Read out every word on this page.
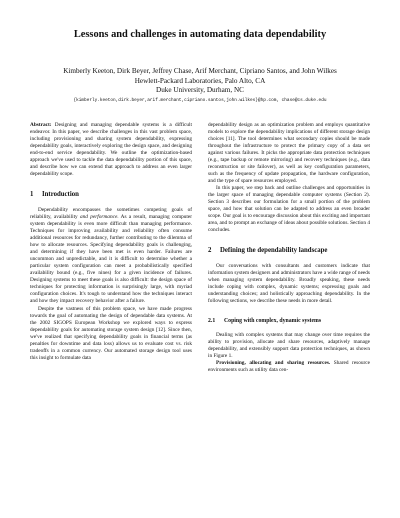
Lessons and challenges in automating data dependability
Kimberly Keeton, Dirk Beyer, Jeffrey Chase, Arif Merchant, Cipriano Santos, and John Wilkes
Hewlett-Packard Laboratories, Palo Alto, CA
Duke University, Durham, NC
{kimberly.keeton,dirk.beyer,arif.merchant,cipriano.santos,john.wilkes}@hp.com, chase@cs.duke.edu

Abstract: Designing and managing dependable systems is a difficult endeavor. In this paper, we describe challenges in this vast problem space, including provisioning and sharing system dependability, expressing dependability goals, interactively exploring the design space, and designing end-to-end service dependability. We outline the optimization-based approach we've used to tackle the data dependability portion of this space, and describe how we can extend that approach to address an even larger dependability scope.

1 Introduction

Dependability encompasses the sometimes competing goals of reliability, availability and performance. As a result, managing computer system dependability is even more difficult than managing performance. Techniques for improving availability and reliability often consume additional resources for redundancy, further contributing to the dilemma of how to allocate resources. Specifying dependability goals is challenging, and determining if they have been met is even harder. Failures are uncommon and unpredictable, and it is difficult to determine whether a particular system configuration can meet a probabilistically specified availability bound (e.g., five nines) for a given incidence of failures. Designing systems to meet these goals is also difficult: the design space of techniques for protecting information is surprisingly large, with myriad configuration choices. It's tough to understand how the techniques interact and how they impact recovery behavior after a failure.

Despite the vastness of this problem space, we have made progress towards the goal of automating the design of dependable data systems. At the 2002 SIGOPS European Workshop we explored ways to express dependability goals for automating storage system design [12]. Since then, we've realized that specifying dependability goals in financial terms (as penalties for downtime and data loss) allows us to evaluate cost vs. risk tradeoffs in a common currency. Our automated storage design tool uses this insight to formulate data

dependability design as an optimization problem and employs quantitative models to explore the dependability implications of different storage design choices [11]. The tool determines what secondary copies should be made throughout the infrastructure to protect the primary copy of a data set against various failures. It picks the appropriate data protection techniques (e.g., tape backup or remote mirroring) and recovery techniques (e.g., data reconstruction or site failover), as well as key configuration parameters, such as the frequency of update propagation, the hardware configuration, and the type of spare resources employed.

In this paper, we step back and outline challenges and opportunities in the larger space of managing dependable computer systems (Section 2). Section 3 describes our formulation for a small portion of the problem space, and how that solution can be adapted to address an even broader scope. Our goal is to encourage discussion about this exciting and important area, and to prompt an exchange of ideas about possible solutions. Section 4 concludes.

2 Defining the dependability landscape

Our conversations with consultants and customers indicate that information system designers and administrators have a wide range of needs when managing system dependability. Broadly speaking, these needs include coping with complex, dynamic systems; expressing goals and understanding choices; and holistically approaching dependability. In the following sections, we describe these needs in more detail.

2.1 Coping with complex, dynamic systems

Dealing with complex systems that may change over time requires the ability to provision, allocate and share resources, adaptively manage dependability, and extensibly support data protection techniques, as shown in Figure 1.

Provisioning, allocating and sharing resources. Shared resource environments such as utility data cen-
